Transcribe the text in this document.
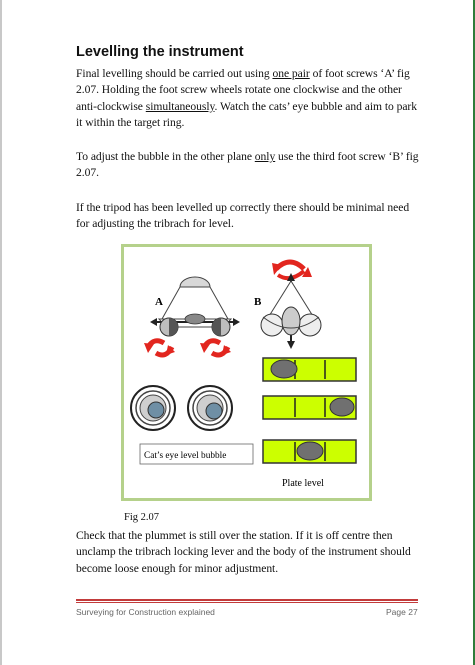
Levelling the instrument

Final levelling should be carried out using one pair of foot screws ‘A’ fig 2.07. Holding the foot screw wheels rotate one clockwise and the other anti-clockwise simultaneously. Watch the cats’ eye bubble and aim to park it within the target ring.

To adjust the bubble in the other plane only use the third foot screw ‘B’ fig 2.07.

If the tripod has been levelled up correctly there should be minimal need for adjusting the tribrach for level.

A	B
Cat’s eye level bubble
Plate level
Fig 2.07

Check that the plummet is still over the station. If it is off centre then unclamp the tribrach locking lever and the body of the instrument should become loose enough for minor adjustment.

Surveying for Construction explained	Page 27
